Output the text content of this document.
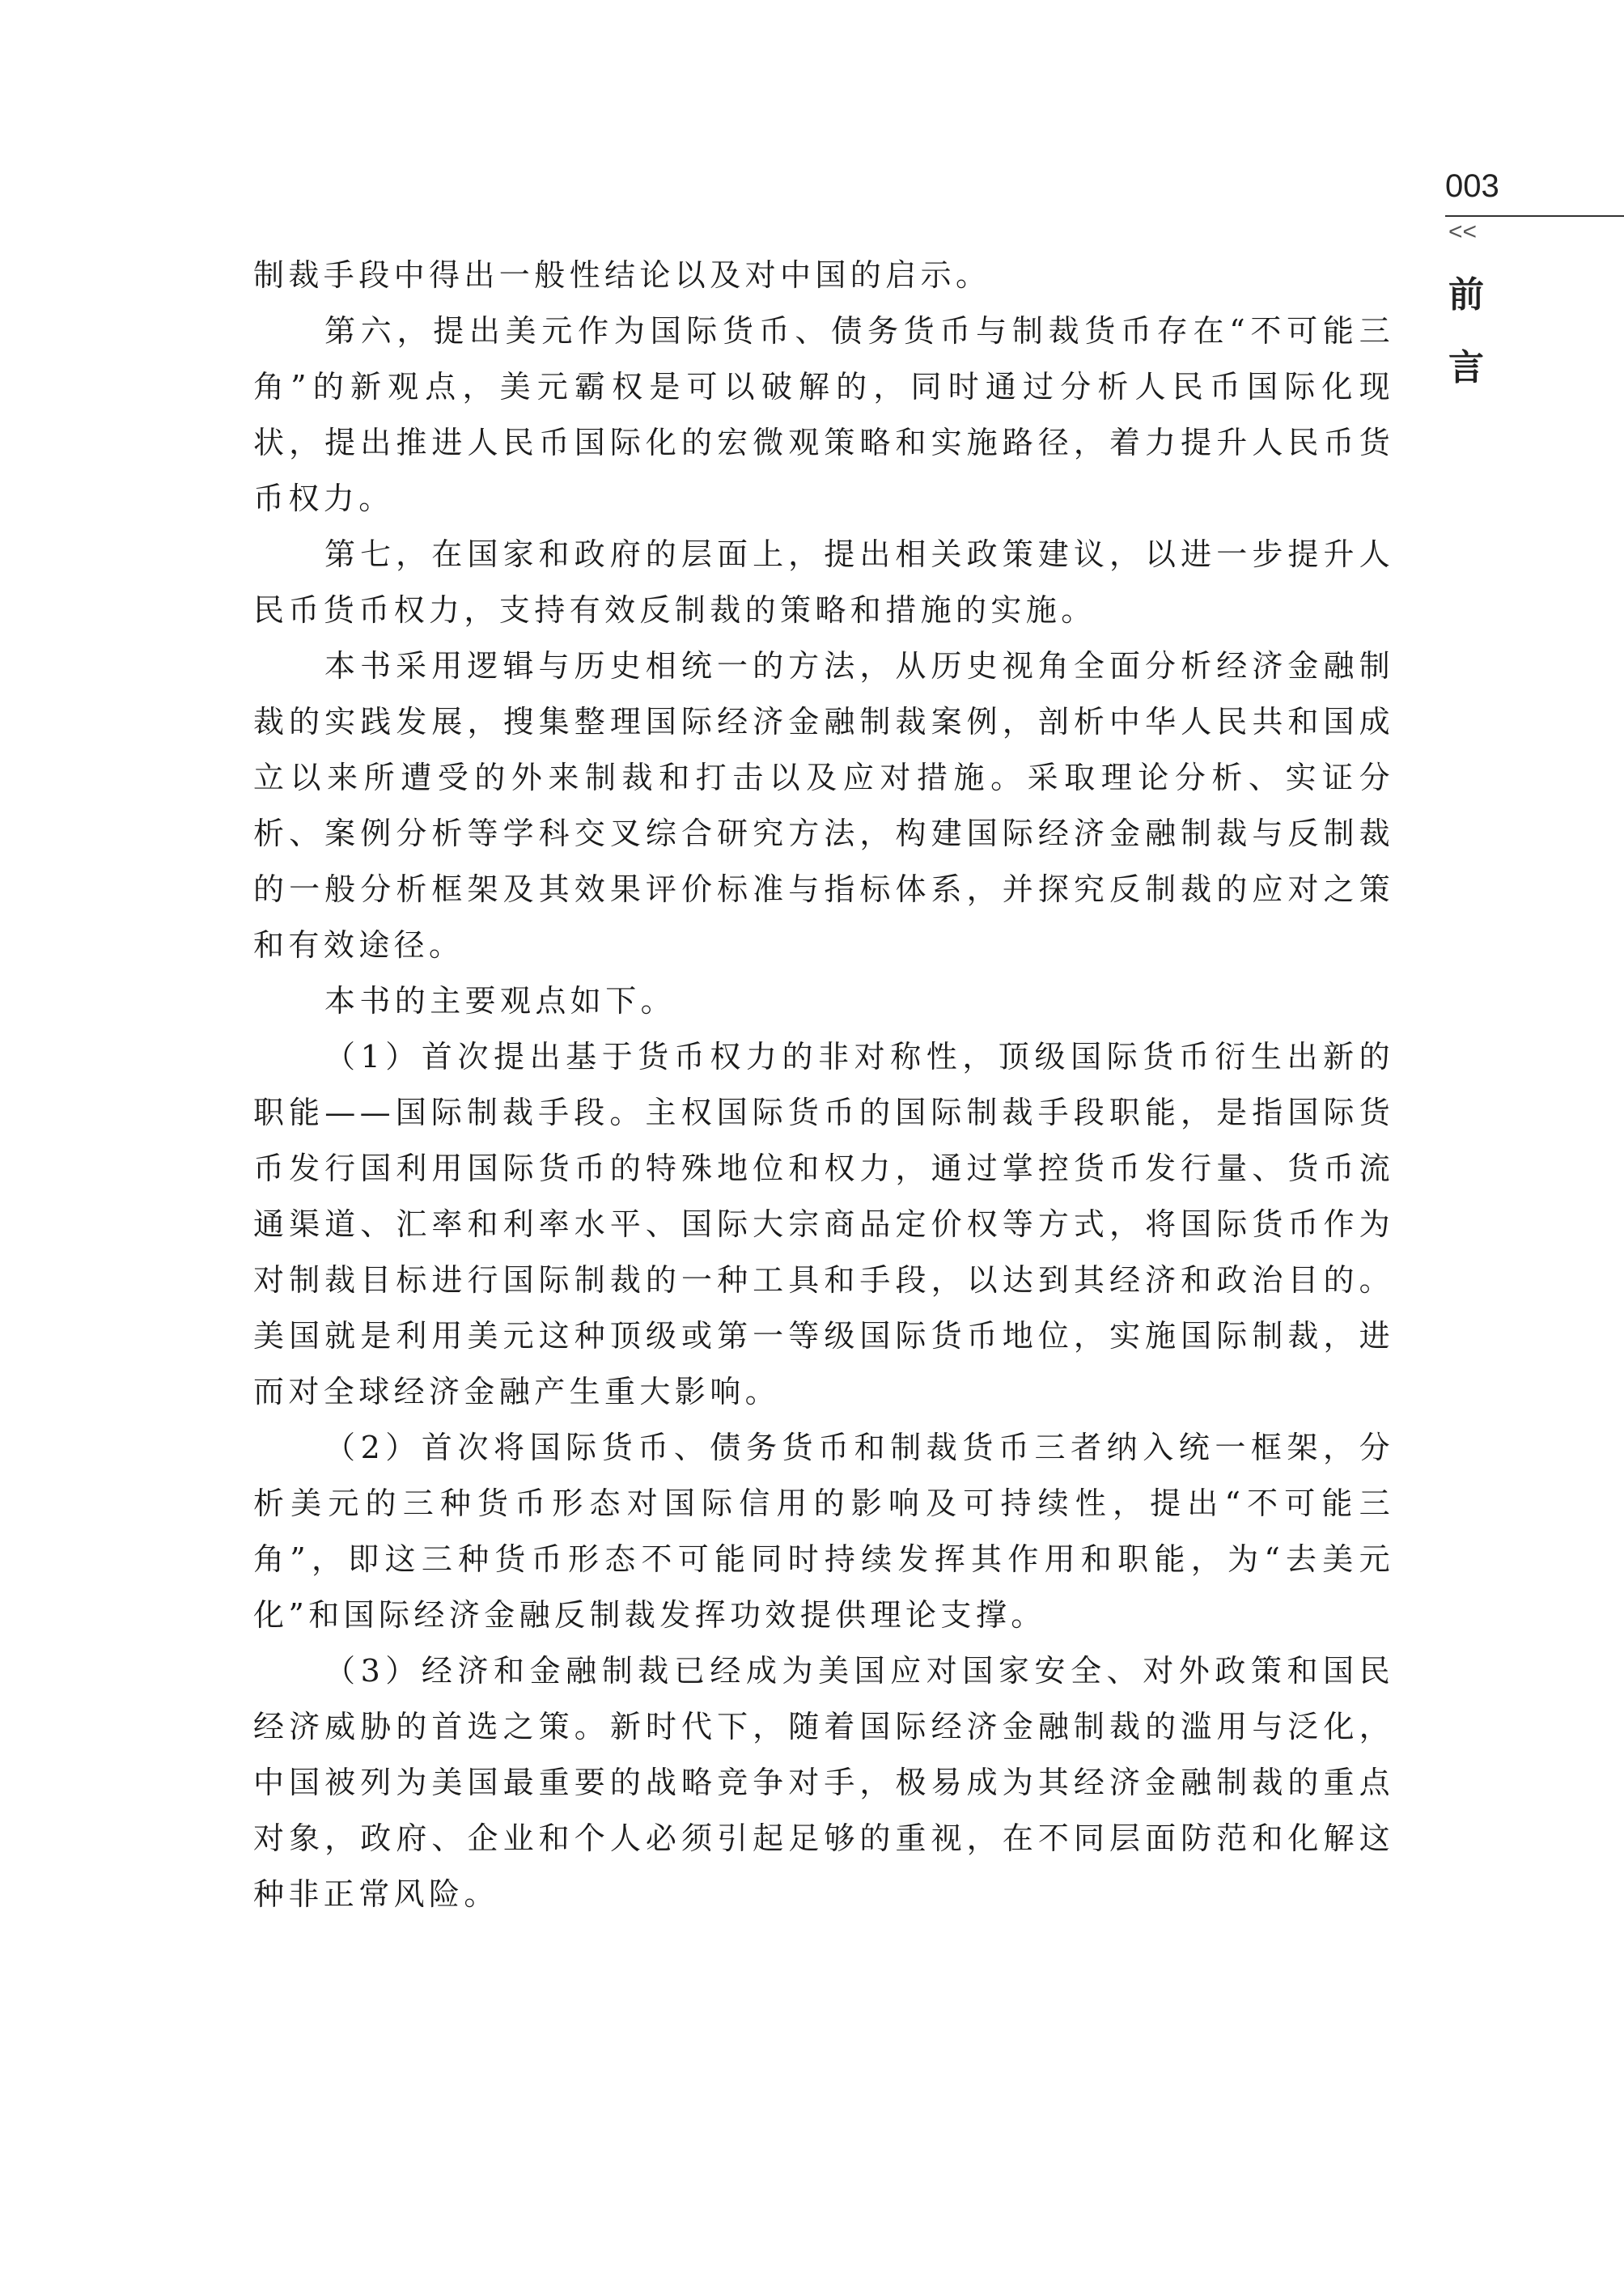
003
<<
前
言

制裁手段中得出一般性结论以及对中国的启示。

第六，提出美元作为国际货币、债务货币与制裁货币存在“不可能三角”的新观点，美元霸权是可以破解的，同时通过分析人民币国际化现状，提出推进人民币国际化的宏微观策略和实施路径，着力提升人民币货币权力。

第七，在国家和政府的层面上，提出相关政策建议，以进一步提升人民币货币权力，支持有效反制裁的策略和措施的实施。

本书采用逻辑与历史相统一的方法，从历史视角全面分析经济金融制裁的实践发展，搜集整理国际经济金融制裁案例，剖析中华人民共和国成立以来所遭受的外来制裁和打击以及应对措施。采取理论分析、实证分析、案例分析等学科交叉综合研究方法，构建国际经济金融制裁与反制裁的一般分析框架及其效果评价标准与指标体系，并探究反制裁的应对之策和有效途径。

本书的主要观点如下。

（1）首次提出基于货币权力的非对称性，顶级国际货币衍生出新的职能——国际制裁手段。主权国际货币的国际制裁手段职能，是指国际货币发行国利用国际货币的特殊地位和权力，通过掌控货币发行量、货币流通渠道、汇率和利率水平、国际大宗商品定价权等方式，将国际货币作为对制裁目标进行国际制裁的一种工具和手段，以达到其经济和政治目的。美国就是利用美元这种顶级或第一等级国际货币地位，实施国际制裁，进而对全球经济金融产生重大影响。

（2）首次将国际货币、债务货币和制裁货币三者纳入统一框架，分析美元的三种货币形态对国际信用的影响及可持续性，提出“不可能三角”，即这三种货币形态不可能同时持续发挥其作用和职能，为“去美元化”和国际经济金融反制裁发挥功效提供理论支撑。

（3）经济和金融制裁已经成为美国应对国家安全、对外政策和国民经济威胁的首选之策。新时代下，随着国际经济金融制裁的滥用与泛化，中国被列为美国最重要的战略竞争对手，极易成为其经济金融制裁的重点对象，政府、企业和个人必须引起足够的重视，在不同层面防范和化解这种非正常风险。
